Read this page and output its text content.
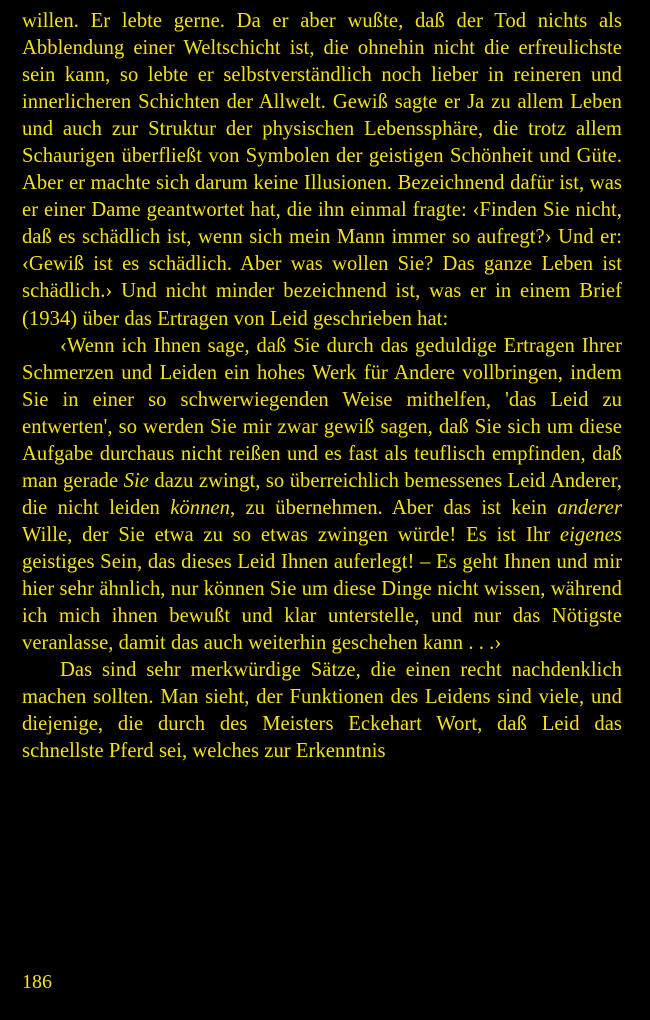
willen. Er lebte gerne. Da er aber wußte, daß der Tod nichts als Abblendung einer Weltschicht ist, die ohnehin nicht die erfreulichste sein kann, so lebte er selbstverständlich noch lieber in reineren und innerlicheren Schichten der Allwelt. Gewiß sagte er Ja zu allem Leben und auch zur Struktur der physischen Lebenssphäre, die trotz allem Schaurigen überfließt von Symbolen der geistigen Schönheit und Güte. Aber er machte sich darum keine Illusionen. Bezeichnend dafür ist, was er einer Dame geantwortet hat, die ihn einmal fragte: ‹Finden Sie nicht, daß es schädlich ist, wenn sich mein Mann immer so aufregt?› Und er: ‹Gewiß ist es schädlich. Aber was wollen Sie? Das ganze Leben ist schädlich.› Und nicht minder bezeichnend ist, was er in einem Brief (1934) über das Ertragen von Leid geschrieben hat:

‹Wenn ich Ihnen sage, daß Sie durch das geduldige Ertragen Ihrer Schmerzen und Leiden ein hohes Werk für Andere vollbringen, indem Sie in einer so schwerwiegenden Weise mithelfen, 'das Leid zu entwerten', so werden Sie mir zwar gewiß sagen, daß Sie sich um diese Aufgabe durchaus nicht reißen und es fast als teuflisch empfinden, daß man gerade Sie dazu zwingt, so überreichlich bemessenes Leid Anderer, die nicht leiden können, zu übernehmen. Aber das ist kein anderer Wille, der Sie etwa zu so etwas zwingen würde! Es ist Ihr eigenes geistiges Sein, das dieses Leid Ihnen auferlegt! – Es geht Ihnen und mir hier sehr ähnlich, nur können Sie um diese Dinge nicht wissen, während ich mich ihnen bewußt und klar unterstelle, und nur das Nötigste veranlasse, damit das auch weiterhin geschehen kann . . .›

Das sind sehr merkwürdige Sätze, die einen recht nachdenklich machen sollten. Man sieht, der Funktionen des Leidens sind viele, und diejenige, die durch des Meisters Eckehart Wort, daß Leid das schnellste Pferd sei, welches zur Erkenntnis

186
